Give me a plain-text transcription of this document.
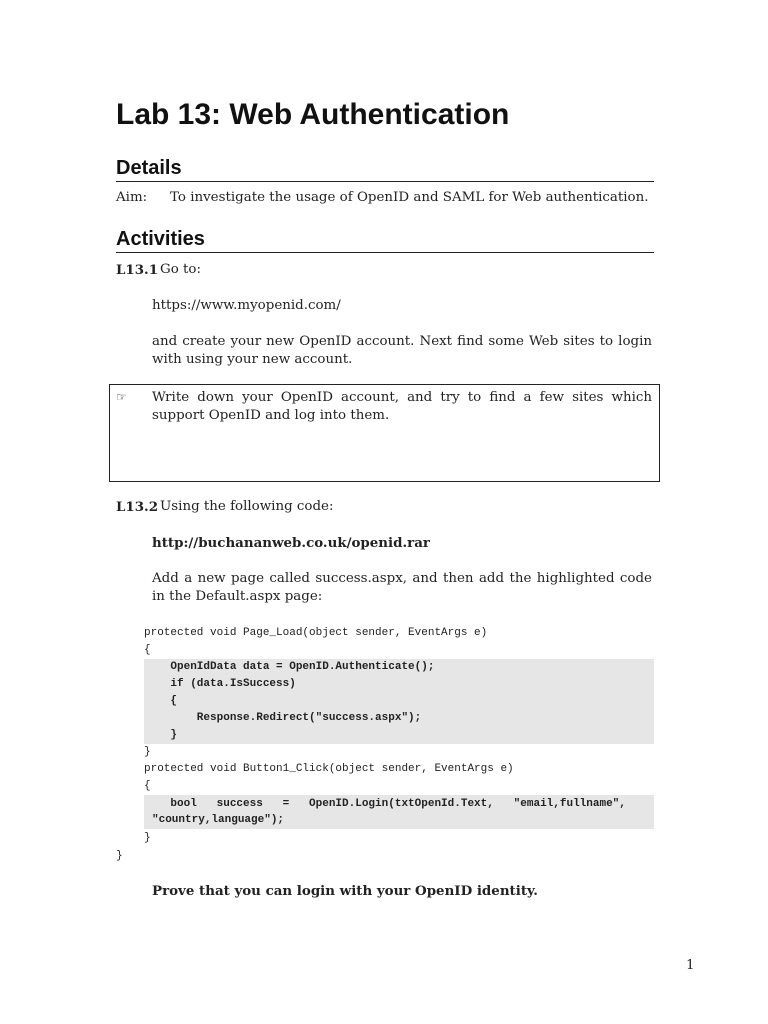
Lab 13: Web Authentication
Details
Aim: To investigate the usage of OpenID and SAML for Web authentication.
Activities
L13.1 Go to:
https://www.myopenid.com/
and create your new OpenID account. Next find some Web sites to login with using your new account.
☞ Write down your OpenID account, and try to find a few sites which support OpenID and log into them.
L13.2 Using the following code:
http://buchananweb.co.uk/openid.rar
Add a new page called success.aspx, and then add the highlighted code in the Default.aspx page:
protected void Page_Load(object sender, EventArgs e)
{
OpenIdData data = OpenID.Authenticate();
if (data.IsSuccess)
{
Response.Redirect("success.aspx");
}
}
protected void Button1_Click(object sender, EventArgs e)
{
bool   success   =   OpenID.Login(txtOpenId.Text,   "email,fullname",
"country,language");
}
}
Prove that you can login with your OpenID identity.
1
